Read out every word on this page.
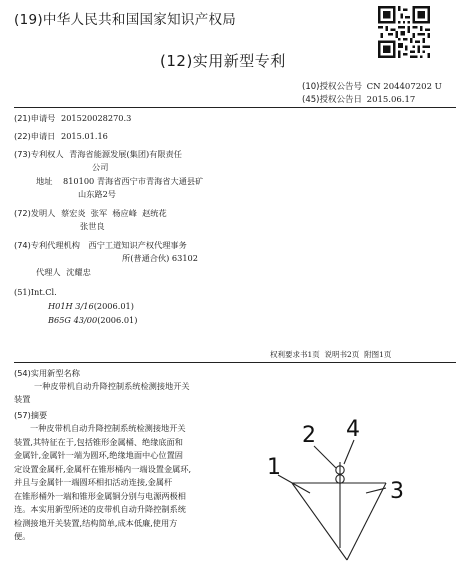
(19)中华人民共和国国家知识产权局
(12)实用新型专利
(10)授权公告号 CN 204407202 U
(45)授权公告日 2015.06.17
(21)申请号 201520028270.3
(22)申请日 2015.01.16
(73)专利权人 青海省能源发展(集团)有限责任
公司
地址 810100 青海省西宁市青海省大通县矿
山东路2号
(72)发明人 蔡宏炎  张军  杨应峰  赵统花
张世良
(74)专利代理机构 西宁工道知识产权代理事务
所(普通合伙) 63102
代理人 沈耀忠
(51)Int.Cl.
H01H 3/16(2006.01)
B65G 43/00(2006.01)
权利要求书1页  说明书2页  附图1页
(54)实用新型名称
一种皮带机自动升降控制系统检测接地开关
装置
(57)摘要
一种皮带机自动升降控制系统检测接地开关
装置,其特征在于,包括锥形金属桶、绝缘底面和
金属针,金属针一端为圆环,绝缘地面中心位置固
定设置金属杆,金属杆在锥形桶内一端设置金属环,
并且与金属针一端圆环相扣活动连接,金属杆
在锥形桶外一端和锥形金属铜分别与电源两极相
连。本实用新型所述的皮带机自动升降控制系统
检测接地开关装置,结构简单,成本低廉,使用方
便。
1
2
3
4
